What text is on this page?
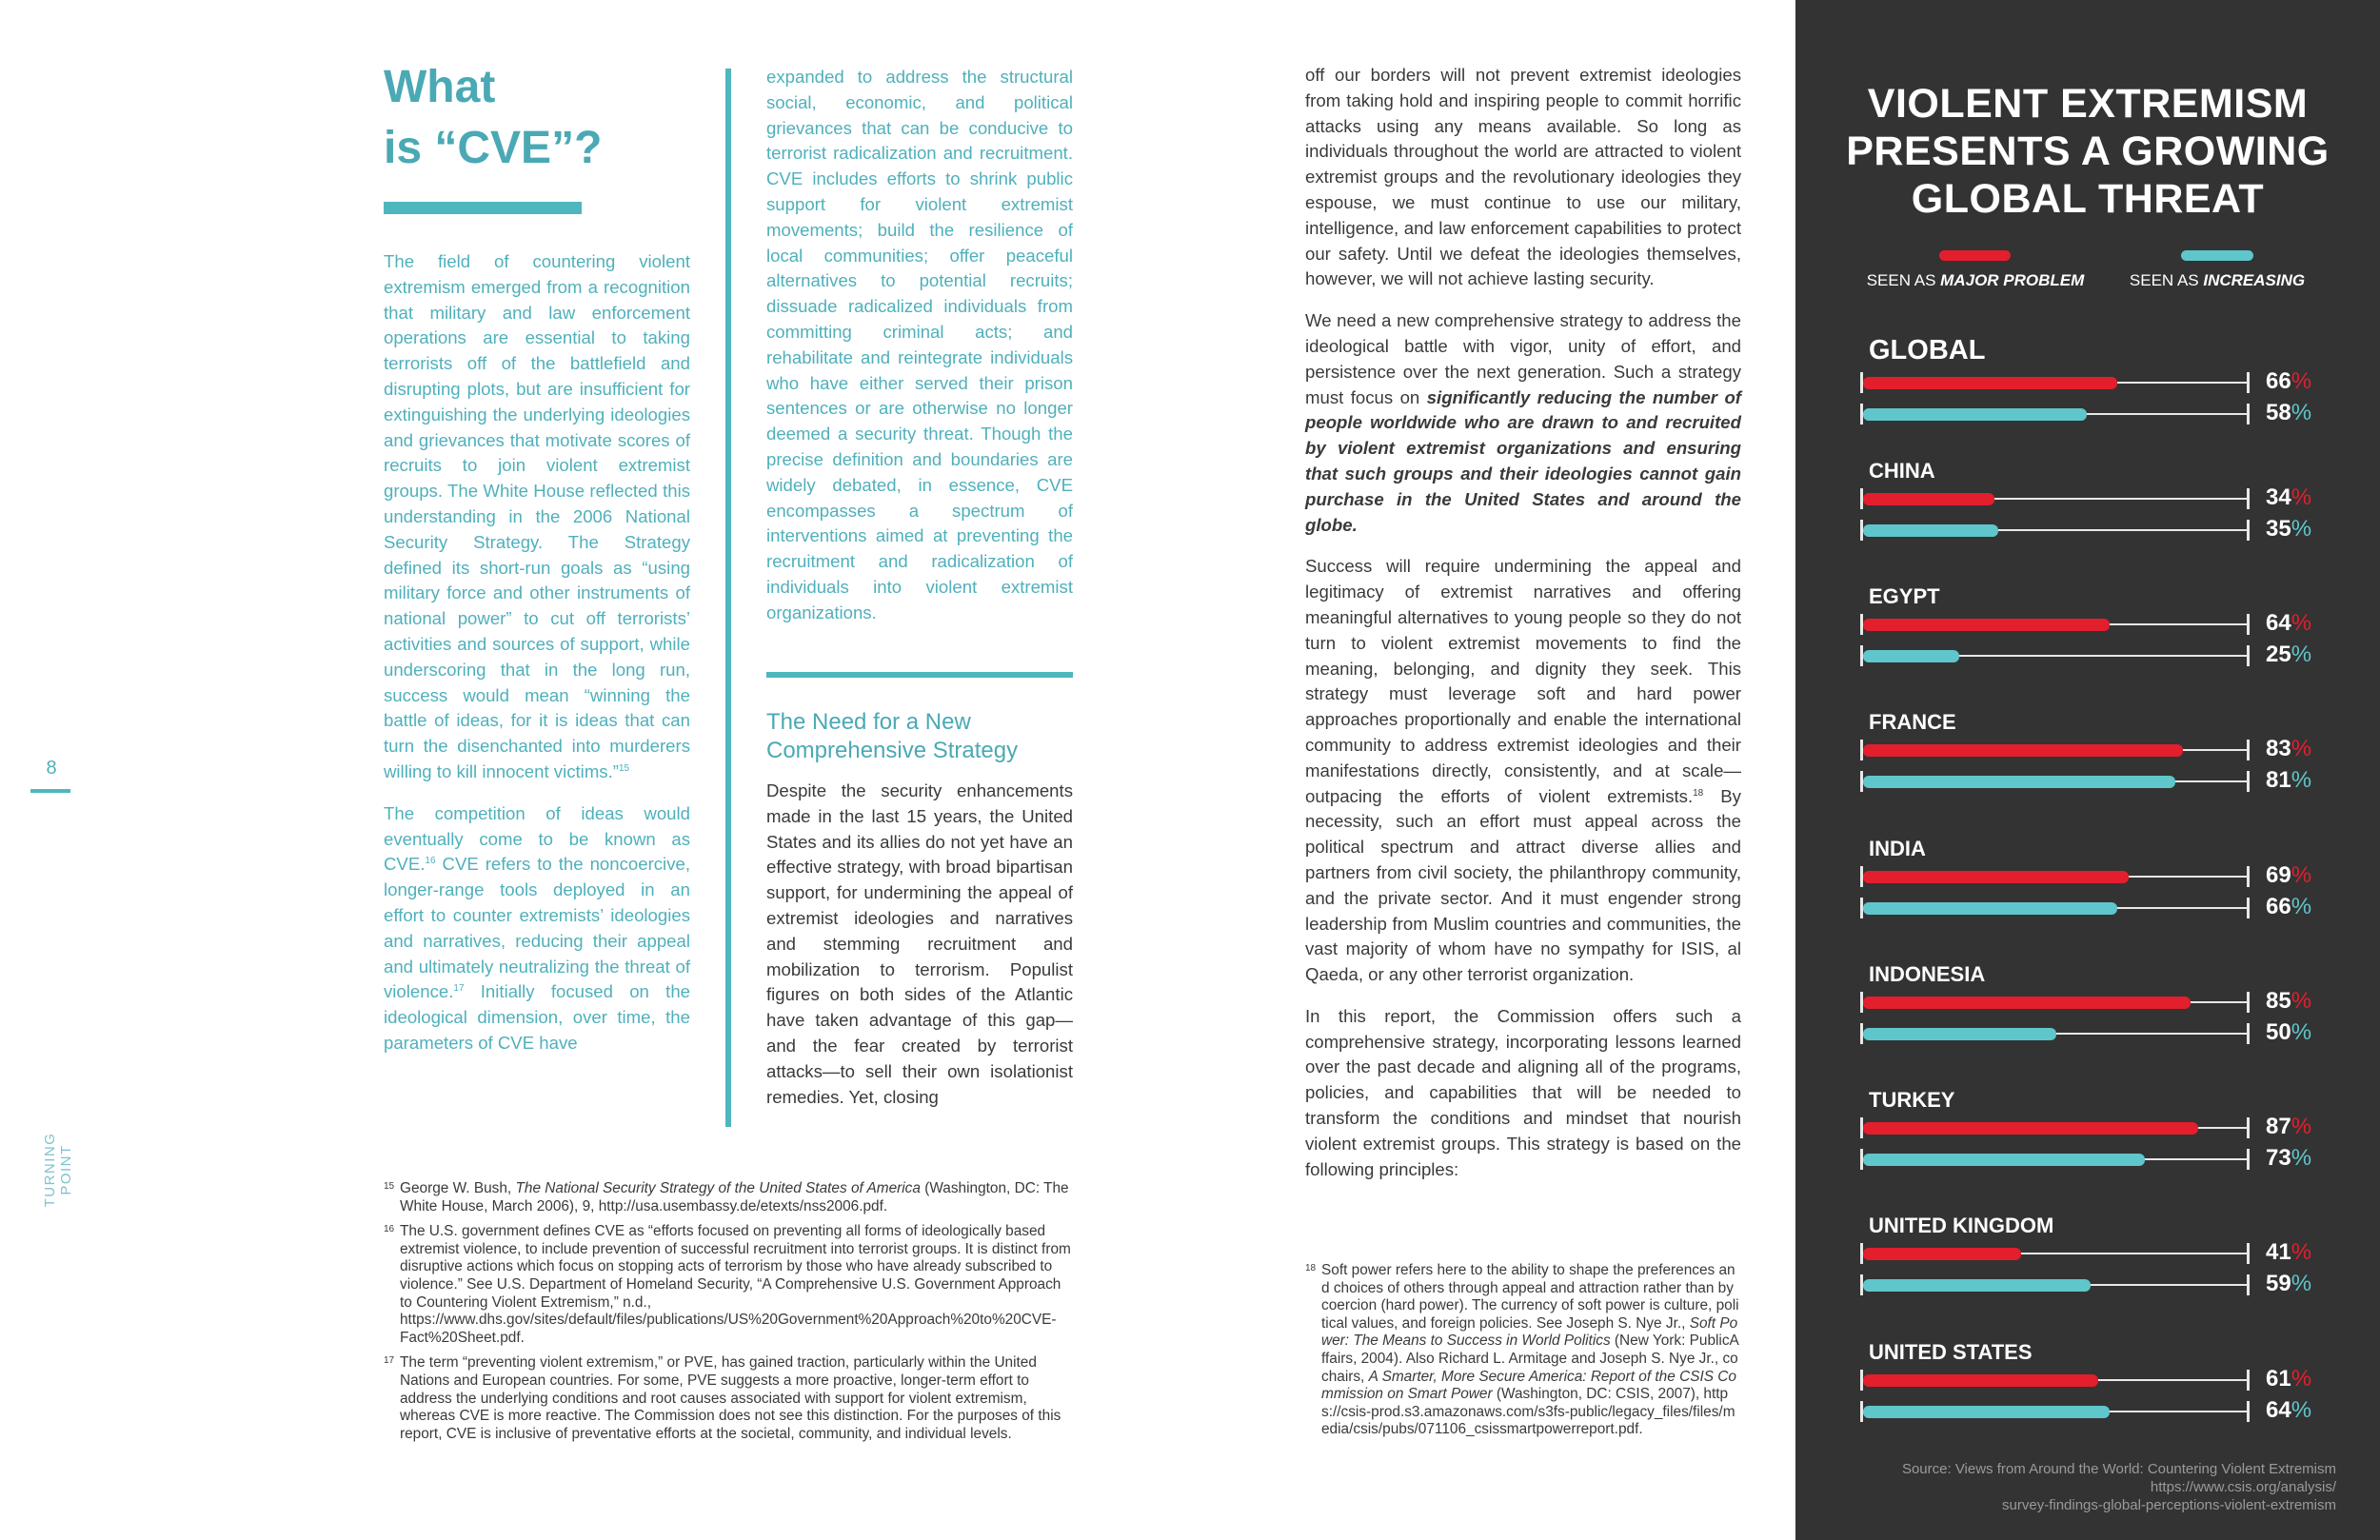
What
is “CVE”?

The field of countering violent extremism emerged from a recognition that military and law enforcement operations are essential to taking terrorists off of the battlefield and disrupting plots, but are insufficient for extinguishing the underlying ideologies and grievances that motivate scores of recruits to join violent extremist groups. The White House reflected this understanding in the 2006 National Security Strategy. The Strategy defined its short-run goals as “using military force and other instruments of national power” to cut off terrorists’ activities and sources of support, while underscoring that in the long run, success would mean “winning the battle of ideas, for it is ideas that can turn the disenchanted into murderers willing to kill innocent victims.”$^{15}$

The competition of ideas would eventually come to be known as CVE.$^{16}$ CVE refers to the noncoercive, longer-range tools deployed in an effort to counter extremists’ ideologies and narratives, reducing their appeal and ultimately neutralizing the threat of violence.$^{17}$ Initially focused on the ideological dimension, over time, the parameters of CVE have

expanded to address the structural social, economic, and political grievances that can be conducive to terrorist radicalization and recruitment. CVE includes efforts to shrink public support for violent extremist movements; build the resilience of local communities; offer peaceful alternatives to potential recruits; dissuade radicalized individuals from committing criminal acts; and rehabilitate and reintegrate individuals who have either served their prison sentences or are otherwise no longer deemed a security threat. Though the precise definition and boundaries are widely debated, in essence, CVE encompasses a spectrum of interventions aimed at preventing the recruitment and radicalization of individuals into violent extremist organizations.

The Need for a New Comprehensive Strategy

Despite the security enhancements made in the last 15 years, the United States and its allies do not yet have an effective strategy, with broad bipartisan support, for undermining the appeal of extremist ideologies and narratives and stemming recruitment and mobilization to terrorism. Populist figures on both sides of the Atlantic have taken advantage of this gap—and the fear created by terrorist attacks—to sell their own isolationist remedies. Yet, closing

15 George W. Bush, The National Security Strategy of the United States of America (Washington, DC: The White House, March 2006), 9, http://usa.usembassy.de/etexts/nss2006.pdf.
16 The U.S. government defines CVE as “efforts focused on preventing all forms of ideologically based extremist violence, to include prevention of successful recruitment into terrorist groups. It is distinct from disruptive actions which focus on stopping acts of terrorism by those who have already subscribed to violence.” See U.S. Department of Homeland Security, “A Comprehensive U.S. Government Approach to Countering Violent Extremism,” n.d., https://www.dhs.gov/sites/default/files/publications/US%20Government%20Approach%20to%20CVE-Fact%20Sheet.pdf.
17 The term “preventing violent extremism,” or PVE, has gained traction, particularly within the United Nations and European countries. For some, PVE suggests a more proactive, longer-term effort to address the underlying conditions and root causes associated with support for violent extremism, whereas CVE is more reactive. The Commission does not see this distinction. For the purposes of this report, CVE is inclusive of preventative efforts at the societal, community, and individual levels.
8
TURNING POINT

off our borders will not prevent extremist ideologies from taking hold and inspiring people to commit horrific attacks using any means available. So long as individuals throughout the world are attracted to violent extremist groups and the revolutionary ideologies they espouse, we must continue to use our military, intelligence, and law enforcement capabilities to protect our safety. Until we defeat the ideologies themselves, however, we will not achieve lasting security.

We need a new comprehensive strategy to address the ideological battle with vigor, unity of effort, and persistence over the next generation. Such a strategy must focus on significantly reducing the number of people worldwide who are drawn to and recruited by violent extremist organizations and ensuring that such groups and their ideologies cannot gain purchase in the United States and around the globe.

Success will require undermining the appeal and legitimacy of extremist narratives and offering meaningful alternatives to young people so they do not turn to violent extremist movements to find the meaning, belonging, and dignity they seek. This strategy must leverage soft and hard power approaches proportionally and enable the international community to address extremist ideologies and their manifestations directly, consistently, and at scale—outpacing the efforts of violent extremists.$^{18}$ By necessity, such an effort must appeal across the political spectrum and attract diverse allies and partners from civil society, the philanthropy community, and the private sector. And it must engender strong leadership from Muslim countries and communities, the vast majority of whom have no sympathy for ISIS, al Qaeda, or any other terrorist organization.

In this report, the Commission offers such a comprehensive strategy, incorporating lessons learned over the past decade and aligning all of the programs, policies, and capabilities that will be needed to transform the conditions and mindset that nourish violent extremist groups. This strategy is based on the following principles:

18 Soft power refers here to the ability to shape the preferences and choices of others through appeal and attraction rather than by coercion (hard power). The currency of soft power is culture, political values, and foreign policies. See Joseph S. Nye Jr., Soft Power: The Means to Success in World Politics (New York: PublicAffairs, 2004). Also Richard L. Armitage and Joseph S. Nye Jr., cochairs, A Smarter, More Secure America: Report of the CSIS Commission on Smart Power (Washington, DC: CSIS, 2007), https://csis-prod.s3.amazonaws.com/s3fs-public/legacy_files/files/media/csis/pubs/071106_csissmartpowerreport.pdf.
VIOLENT EXTREMISM
PRESENTS A GROWING
GLOBAL THREAT
SEEN AS MAJOR PROBLEM	SEEN AS INCREASING
GLOBAL
66%
58%
CHINA
34%
35%
EGYPT
64%
25%
FRANCE
83%
81%
INDIA
69%
66%
INDONESIA
85%
50%
TURKEY
87%
73%
UNITED KINGDOM
41%
59%
UNITED STATES
61%
64%
Source: Views from Around the World: Countering Violent Extremism
https://www.csis.org/analysis/
survey-findings-global-perceptions-violent-extremism
